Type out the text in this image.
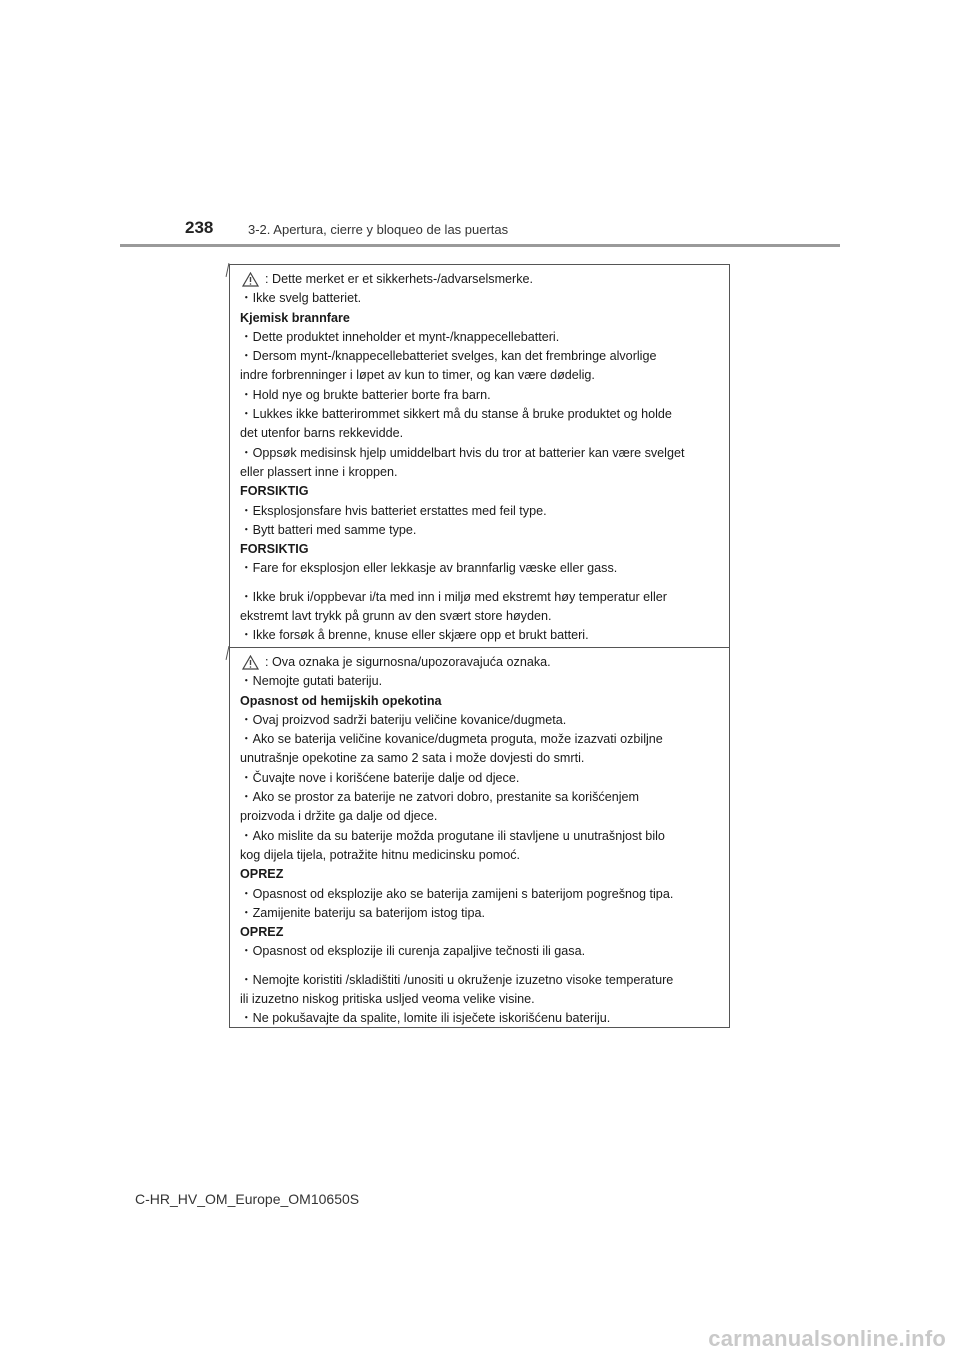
238	3-2. Apertura, cierre y bloqueo de las puertas
: Dette merket er et sikkerhets-/advarselsmerke.
・Ikke svelg batteriet.
Kjemisk brannfare
・Dette produktet inneholder et mynt-/knappecellebatteri.
・Dersom mynt-/knappecellebatteriet svelges, kan det frembringe alvorlige
indre forbrenninger i løpet av kun to timer, og kan være dødelig.
・Hold nye og brukte batterier borte fra barn.
・Lukkes ikke batterirommet sikkert må du stanse å bruke produktet og holde
det utenfor barns rekkevidde.
・Oppsøk medisinsk hjelp umiddelbart hvis du tror at batterier kan være svelget
eller plassert inne i kroppen.
FORSIKTIG
・Eksplosjonsfare hvis batteriet erstattes med feil type.
・Bytt batteri med samme type.
FORSIKTIG
・Fare for eksplosjon eller lekkasje av brannfarlig væske eller gass.
・Ikke bruk i/oppbevar i/ta med inn i miljø med ekstremt høy temperatur eller
ekstremt lavt trykk på grunn av den svært store høyden.
・Ikke forsøk å brenne, knuse eller skjære opp et brukt batteri.
: Ova oznaka je sigurnosna/upozoravajuća oznaka.
・Nemojte gutati bateriju.
Opasnost od hemijskih opekotina
・Ovaj proizvod sadrži bateriju veličine kovanice/dugmeta.
・Ako se baterija veličine kovanice/dugmeta proguta, može izazvati ozbiljne
unutrašnje opekotine za samo 2 sata i može dovjesti do smrti.
・Čuvajte nove i korišćene baterije dalje od djece.
・Ako se prostor za baterije ne zatvori dobro, prestanite sa korišćenjem
proizvoda i držite ga dalje od djece.
・Ako mislite da su baterije možda progutane ili stavljene u unutrašnjost bilo
kog dijela tijela, potražite hitnu medicinsku pomoć.
OPREZ
・Opasnost od eksplozije ako se baterija zamijeni s baterijom pogrešnog tipa.
・Zamijenite bateriju sa baterijom istog tipa.
OPREZ
・Opasnost od eksplozije ili curenja zapaljive tečnosti ili gasa.
・Nemojte koristiti /skladištiti /unositi u okruženje izuzetno visoke temperature
ili izuzetno niskog pritiska usljed veoma velike visine.
・Ne pokušavajte da spalite, lomite ili isječete iskorišćenu bateriju.
C-HR_HV_OM_Europe_OM10650S
carmanualsonline.info
